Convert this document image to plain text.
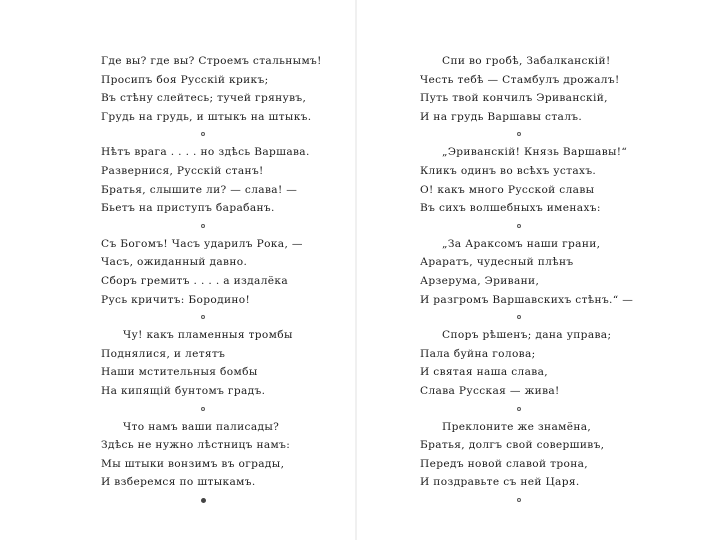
Где вы? где вы? Строемъ стальнымъ!
Просипъ боя Русскій крикъ;
Въ стѣну слейтесь; тучей грянувъ,
Грудь на грудь, и штыкъ на штыкъ.
Нѣтъ врага . . . . но здѣсь Варшава.
Развернися, Русскій станъ!
Братья, слышите ли? — слава! —
Бьетъ на приступъ барабанъ.
Съ Богомъ! Часъ ударилъ Рока, —
Часъ, ожиданный давно.
Сборъ гремитъ . . . . а издалёка
Русь кричитъ: Бородино!
Чу! какъ пламенныя тромбы
Поднялися, и летятъ
Наши мстительныя бомбы
На кипящій бунтомъ градъ.
Что намъ ваши палисады?
Здѣсь не нужно лѣстницъ намъ:
Мы штыки вонзимъ въ ограды,
И взберемся по штыкамъ.
Спи во гробѣ, Забалканскій!
Честь тебѣ — Стамбулъ дрожалъ!
Путь твой кончилъ Эриванскій,
И на грудь Варшавы сталъ.
„Эриванскій! Князь Варшавы!“
Кликъ одинъ во всѣхъ устахъ.
О! какъ много Русской славы
Въ сихъ волшебныхъ именахъ:
„За Араксомъ наши грани,
Араратъ, чудесный плѣнъ
Арзерума, Эривани,
И разгромъ Варшавскихъ стѣнъ.“ —
Споръ рѣшенъ; дана управа;
Пала буйна голова;
И святая наша слава,
Слава Русская — жива!
Преклоните же знамёна,
Братья, долгъ свой совершивъ,
Передъ новой славой трона,
И поздравьте съ ней Царя.
